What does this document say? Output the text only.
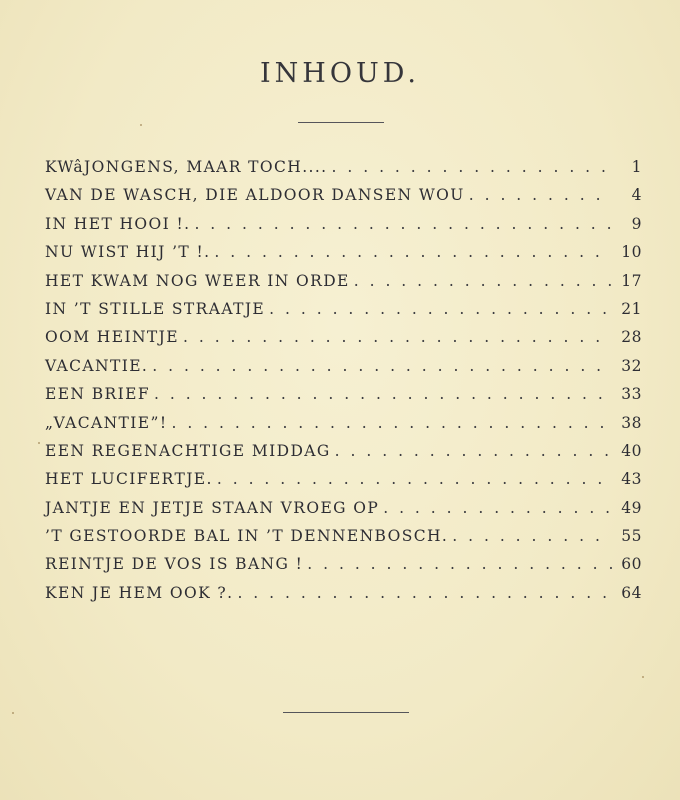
INHOUD.
KWâJONGENS, MAAR TOCH.... . . .	1
VAN DE WASCH, DIE ALDOOR DANSEN WOU . . .	4
IN HET HOOI !. . . .	9
NU WIST HIJ ’T !. . . .	10
HET KWAM NOG WEER IN ORDE . . .	17
IN ’T STILLE STRAATJE . . .	21
OOM HEINTJE . . .	28
VACANTIE. . . .	32
EEN BRIEF . . .	33
„VACANTIE”! . . .	38
EEN REGENACHTIGE MIDDAG . . .	40
HET LUCIFERTJE. . . .	43
JANTJE EN JETJE STAAN VROEG OP . . .	49
’T GESTOORDE BAL IN ’T DENNENBOSCH. . . .	55
REINTJE DE VOS IS BANG ! . . .	60
KEN JE HEM OOK ?. . . .	64
